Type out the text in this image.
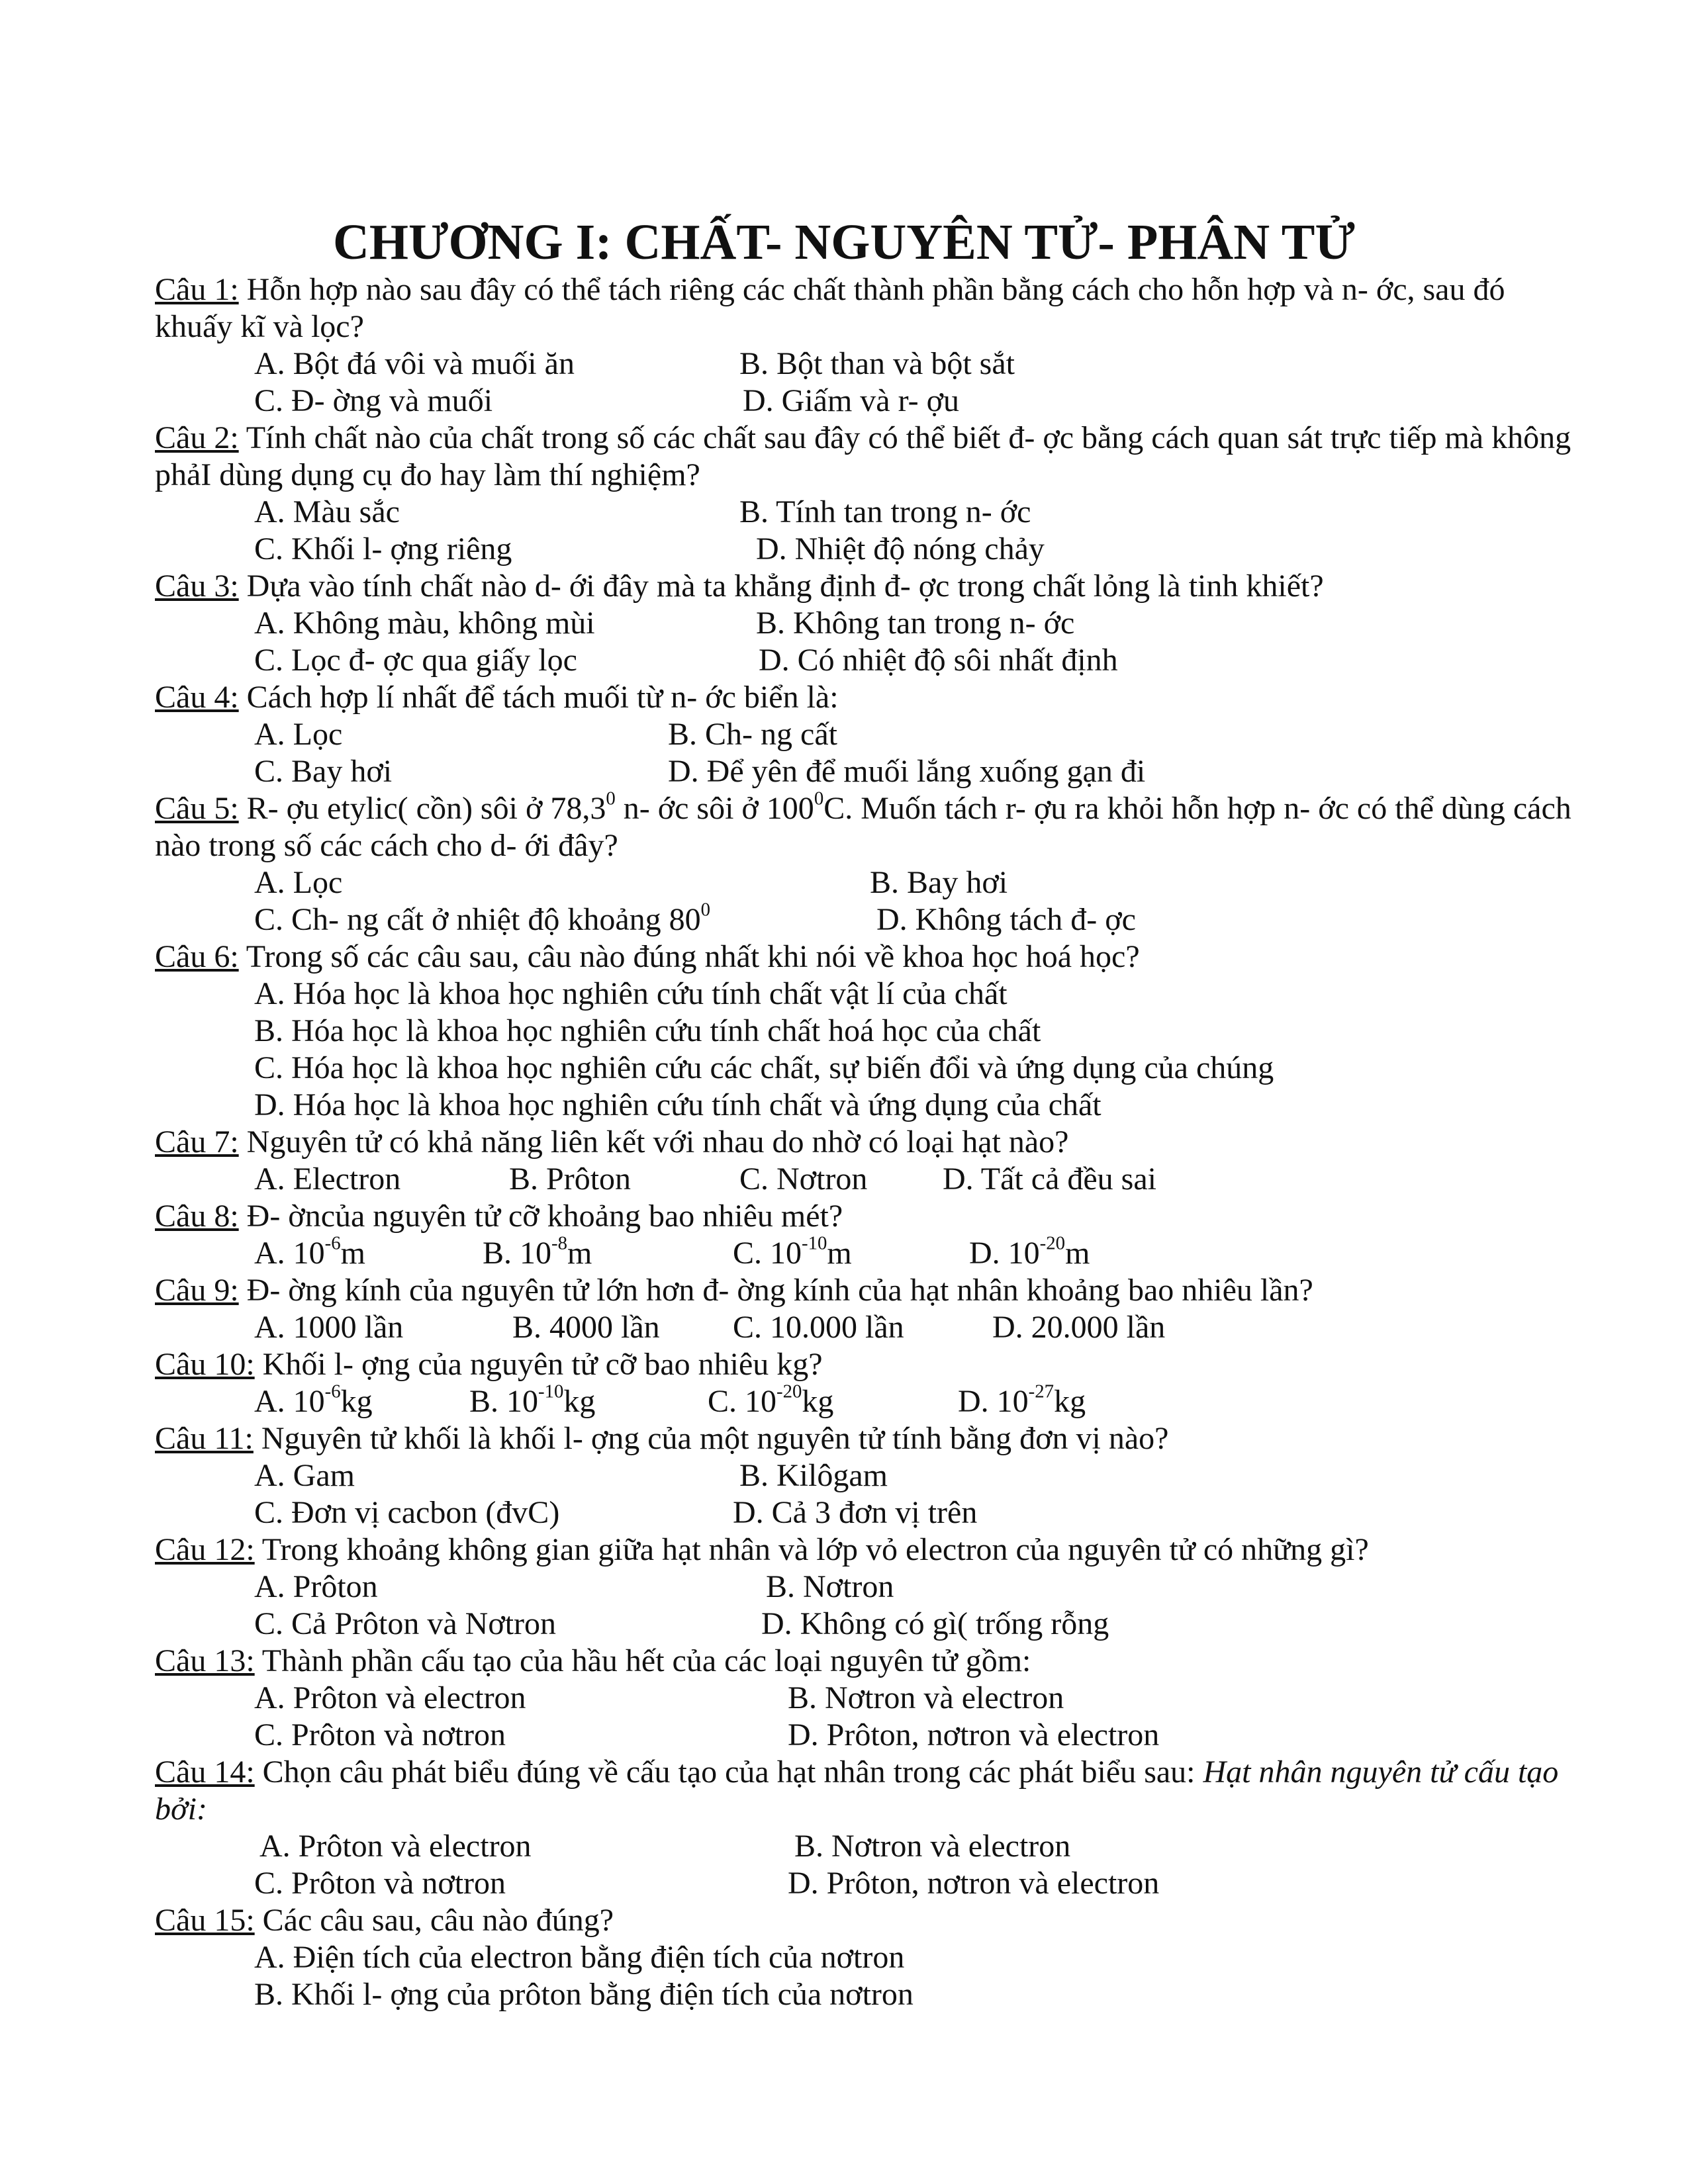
CHƯƠNG I: CHẤT- NGUYÊN TỬ- PHÂN TỬ
Câu 1: Hỗn hợp nào sau đây có thể tách riêng các chất thành phần bằng cách cho hỗn hợp và n- ớc, sau đó khuấy kĩ và lọc?
A. Bột đá vôi và muối ăn	B. Bột than và bột sắt
C. Đ- ờng và muối	D. Giấm và r- ợu
Câu 2: Tính chất nào của chất trong số các chất sau đây có thể biết đ- ợc bằng cách quan sát trực tiếp mà không phảI dùng dụng cụ đo hay làm thí nghiệm?
A. Màu sắc	B. Tính tan trong n- ớc
C. Khối l- ợng riêng	D. Nhiệt độ nóng chảy
Câu 3: Dựa vào tính chất nào d- ới đây mà ta khẳng định đ- ợc trong chất lỏng là tinh khiết?
A. Không màu, không mùi	B. Không tan trong n- ớc
C. Lọc đ- ợc qua giấy lọc	D. Có nhiệt độ sôi nhất định
Câu 4: Cách hợp lí nhất để tách muối từ n- ớc biển là:
A. Lọc	B. Ch- ng cất
C. Bay hơi	D. Để yên để muối lắng xuống gạn đi
Câu 5: R- ợu etylic( cồn) sôi ở 78,3$^0$ n- ớc sôi ở $100^0C$. Muốn tách r- ợu ra khỏi hỗn hợp n- ớc có thể dùng cách nào trong số các cách cho d- ới đây?
A. Lọc	B. Bay hơi
C. Ch- ng cất ở nhiệt độ khoảng $80^0$	D. Không tách đ- ợc
Câu 6: Trong số các câu sau, câu nào đúng nhất khi nói về khoa học hoá học?
A. Hóa học là khoa học nghiên cứu tính chất vật lí của chất
B. Hóa học là khoa học nghiên cứu tính chất hoá học của chất
C. Hóa học là khoa học nghiên cứu các chất, sự biến đổi và ứng dụng của chúng
D. Hóa học là khoa học nghiên cứu tính chất và ứng dụng của chất
Câu 7: Nguyên tử có khả năng liên kết với nhau do nhờ có loại hạt nào?
A. Electron	B. Prôton	C. Nơtron D. Tất cả đều sai
Câu 8: Đ- ờncủa nguyên tử cỡ khoảng bao nhiêu mét?
A. $10^{-6}m$	B. $10^{-8}m$	C. $10^{-10}m$	D. $10^{-20}m$
Câu 9: Đ- ờng kính của nguyên tử lớn hơn đ- ờng kính của hạt nhân khoảng bao nhiêu lần?
A. 1000 lần	B. 4000 lần C. 10.000 lần	D. 20.000 lần
Câu 10: Khối l- ợng của nguyên tử cỡ bao nhiêu kg?
A. $10^{-6}kg$	B. $10^{-10}kg$	C. $10^{-20}kg$	D. $10^{-27}kg$
Câu 11: Nguyên tử khối là khối l- ợng của một nguyên tử tính bằng đơn vị nào?
A. Gam	B. Kilôgam
C. Đơn vị cacbon (đvC)	D. Cả 3 đơn vị trên
Câu 12: Trong khoảng không gian giữa hạt nhân và lớp vỏ electron của nguyên tử có những gì?
A. Prôton	B. Nơtron
C. Cả Prôton và Nơtron	D. Không có gì( trống rỗng
Câu 13: Thành phần cấu tạo của hầu hết của các loại nguyên tử gồm:
A. Prôton và electron	B. Nơtron và electron
C. Prôton và nơtron	D. Prôton, nơtron và electron
Câu 14: Chọn câu phát biểu đúng về cấu tạo của hạt nhân trong các phát biểu sau: Hạt nhân nguyên tử cấu tạo bởi:
A. Prôton và electron	B. Nơtron và electron
C. Prôton và nơtron	D. Prôton, nơtron và electron
Câu 15: Các câu sau, câu nào đúng?
A. Điện tích của electron bằng điện tích của nơtron
B. Khối l- ợng của prôton bằng điện tích của nơtron
